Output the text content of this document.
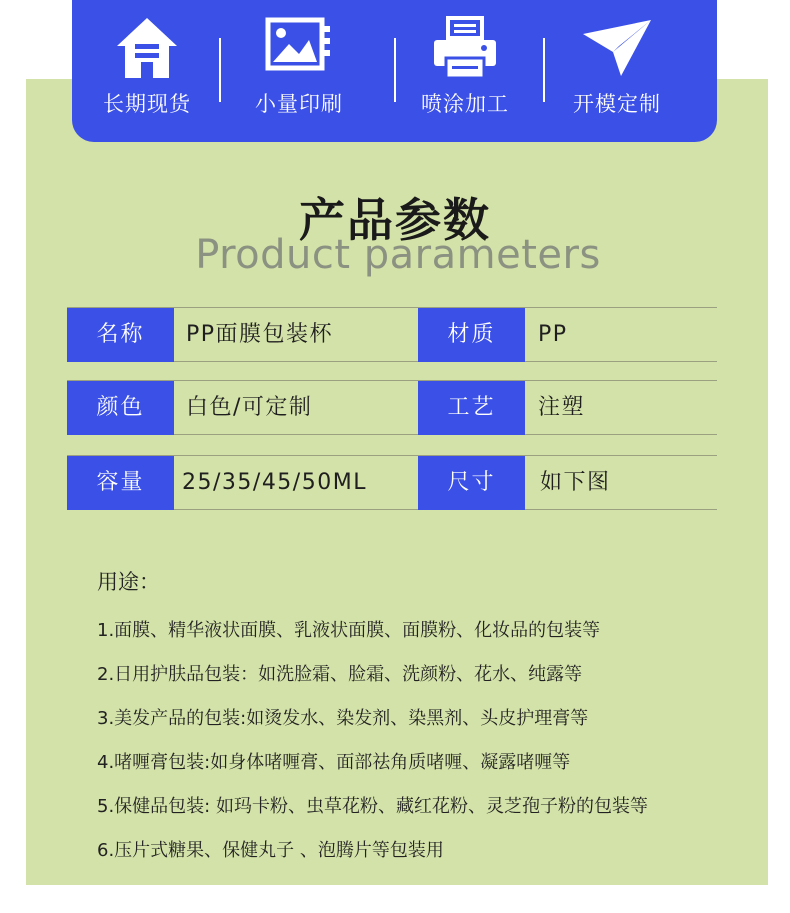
长期现货	小量印刷	喷涂加工	开模定制
产品参数
Product parameters
名称	PP面膜包装杯	材质	PP
颜色	白色/可定制	工艺	注塑
容量	25/35/45/50ML	尺寸	如下图
用途：
1.面膜、精华液状面膜、乳液状面膜、面膜粉、化妆品的包装等
2.日用护肤品包装：如洗脸霜、脸霜、洗颜粉、花水、纯露等
3.美发产品的包装:如烫发水、染发剂、染黑剂、头皮护理膏等
4.啫喱膏包装:如身体啫喱膏、面部祛角质啫喱、凝露啫喱等
5.保健品包装: 如玛卡粉、虫草花粉、藏红花粉、灵芝孢子粉的包装等
6.压片式糖果、保健丸子 、泡腾片等包装用
